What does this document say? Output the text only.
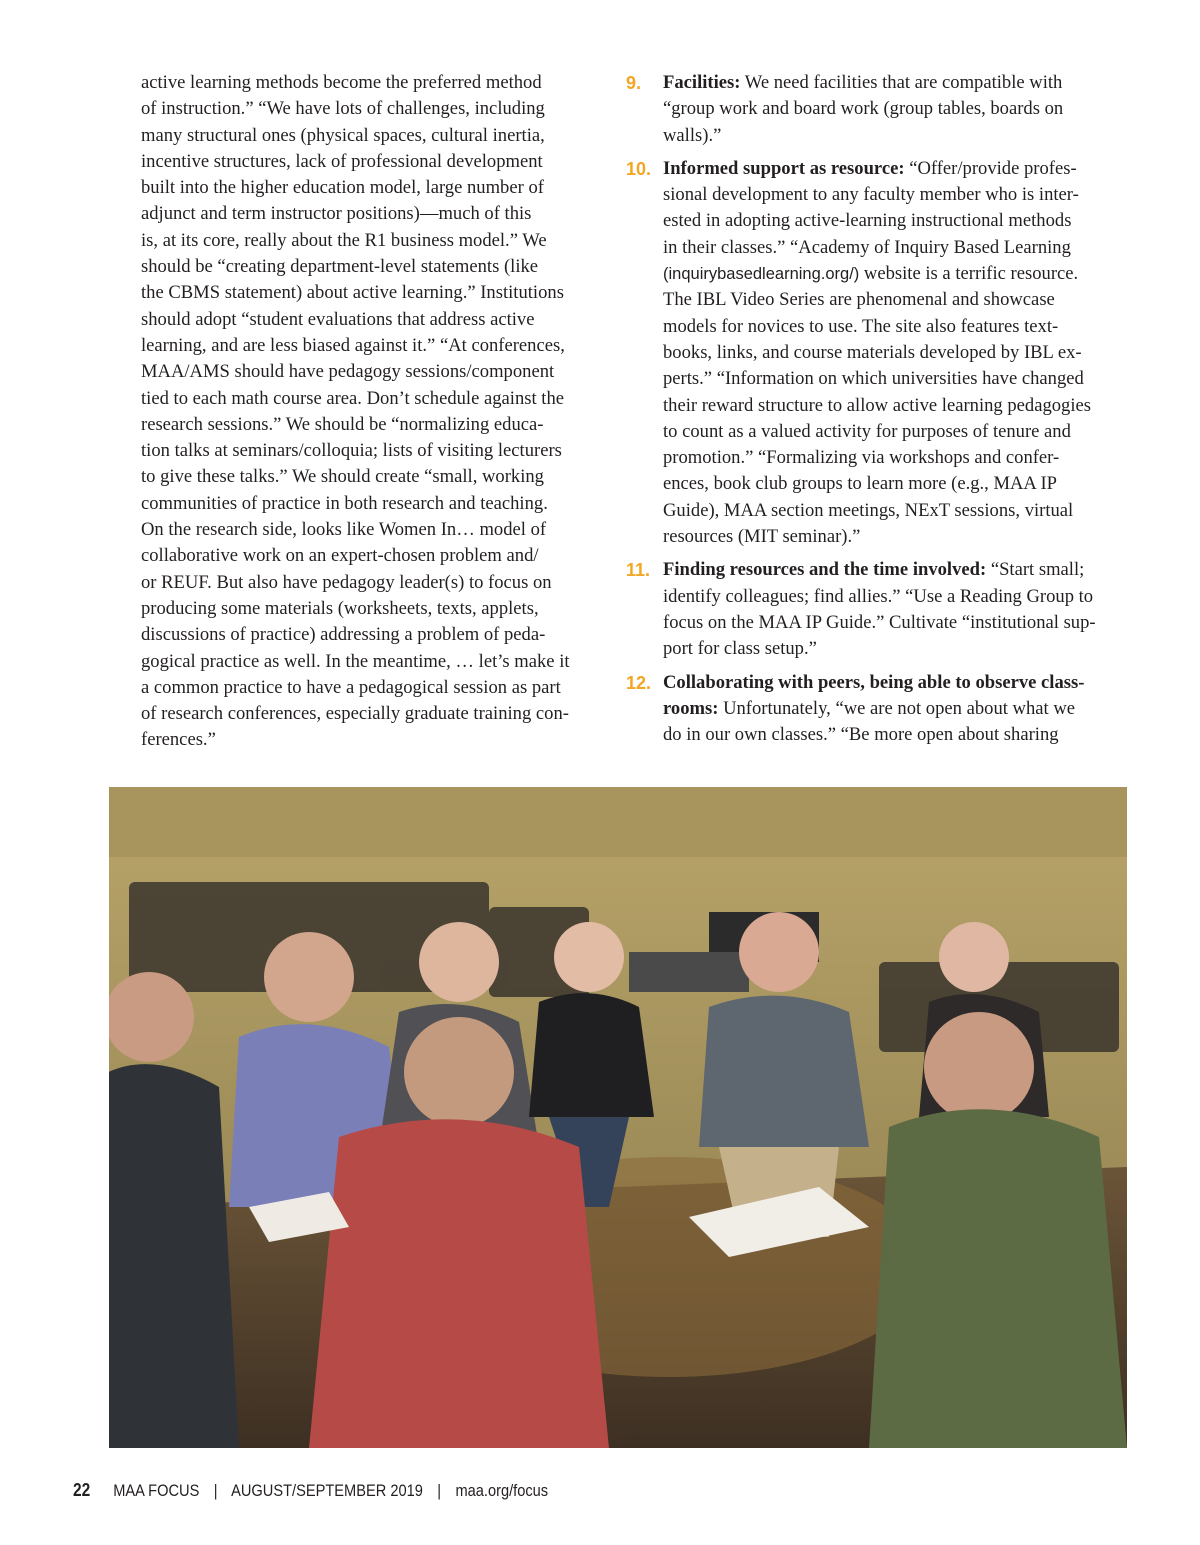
active learning methods become the preferred method
of instruction.” “We have lots of challenges, including
many structural ones (physical spaces, cultural inertia,
incentive structures, lack of professional development
built into the higher education model, large number of
adjunct and term instructor positions)—much of this
is, at its core, really about the R1 business model.” We
should be “creating department-level statements (like
the CBMS statement) about active learning.” Institutions
should adopt “student evaluations that address active
learning, and are less biased against it.” “At conferences,
MAA/AMS should have pedagogy sessions/component
tied to each math course area. Don’t schedule against the
research sessions.” We should be “normalizing educa-
tion talks at seminars/colloquia; lists of visiting lecturers
to give these talks.” We should create “small, working
communities of practice in both research and teaching.
On the research side, looks like Women In… model of
collaborative work on an expert-chosen problem and/
or REUF. But also have pedagogy leader(s) to focus on
producing some materials (worksheets, texts, applets,
discussions of practice) addressing a problem of peda-
gogical practice as well. In the meantime, … let’s make it
a common practice to have a pedagogical session as part
of research conferences, especially graduate training con-
ferences.”
9. Facilities: We need facilities that are compatible with
“group work and board work (group tables, boards on
walls).”
10. Informed support as resource: “Offer/provide profes-
sional development to any faculty member who is inter-
ested in adopting active-learning instructional methods
in their classes.” “Academy of Inquiry Based Learning
(inquirybasedlearning.org/) website is a terrific resource.
The IBL Video Series are phenomenal and showcase
models for novices to use. The site also features text-
books, links, and course materials developed by IBL ex-
perts.” “Information on which universities have changed
their reward structure to allow active learning pedagogies
to count as a valued activity for purposes of tenure and
promotion.” “Formalizing via workshops and confer-
ences, book club groups to learn more (e.g., MAA IP
Guide), MAA section meetings, NExT sessions, virtual
resources (MIT seminar).”
11. Finding resources and the time involved: “Start small;
identify colleagues; find allies.” “Use a Reading Group to
focus on the MAA IP Guide.” Cultivate “institutional sup-
port for class setup.”
12. Collaborating with peers, being able to observe class-
rooms: Unfortunately, “we are not open about what we
do in our own classes.” “Be more open about sharing
22 MAA FOCUS | AUGUST/SEPTEMBER 2019 | maa.org/focus
